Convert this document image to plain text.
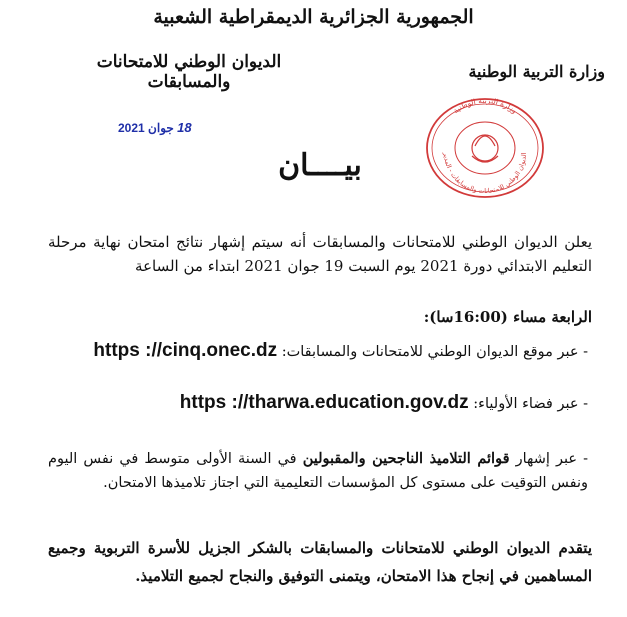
الجمهورية الجزائرية الديمقراطية الشعبية
الديوان الوطني للامتحانات والمسابقات
وزارة التربية الوطنية
18 جوان 2021
وزارة التربية الوطنية
الديوان الوطني للامتحانات والمسابقات - المدير
بيــــان
يعلن الديوان الوطني للامتحانات والمسابقات أنه سيتم إشهار نتائج امتحان نهاية مرحلة التعليم الابتدائي دورة 2021 يوم السبت 19 جوان 2021 ابتداء من الساعة
الرابعة مساء (16:00سا):
- عبر موقع الديوان الوطني للامتحانات والمسابقات: https ://cinq.onec.dz
- عبر فضاء الأولياء: https ://tharwa.education.gov.dz
- عبر إشهار قوائم التلاميذ الناجحين والمقبولين في السنة الأولى متوسط في نفس اليوم ونفس التوقيت على مستوى كل المؤسسات التعليمية التي اجتاز تلاميذها الامتحان.
يتقدم الديوان الوطني للامتحانات والمسابقات بالشكر الجزيل للأسرة التربوية وجميع المساهمين في إنجاح هذا الامتحان، ويتمنى التوفيق والنجاح لجميع التلاميذ.
